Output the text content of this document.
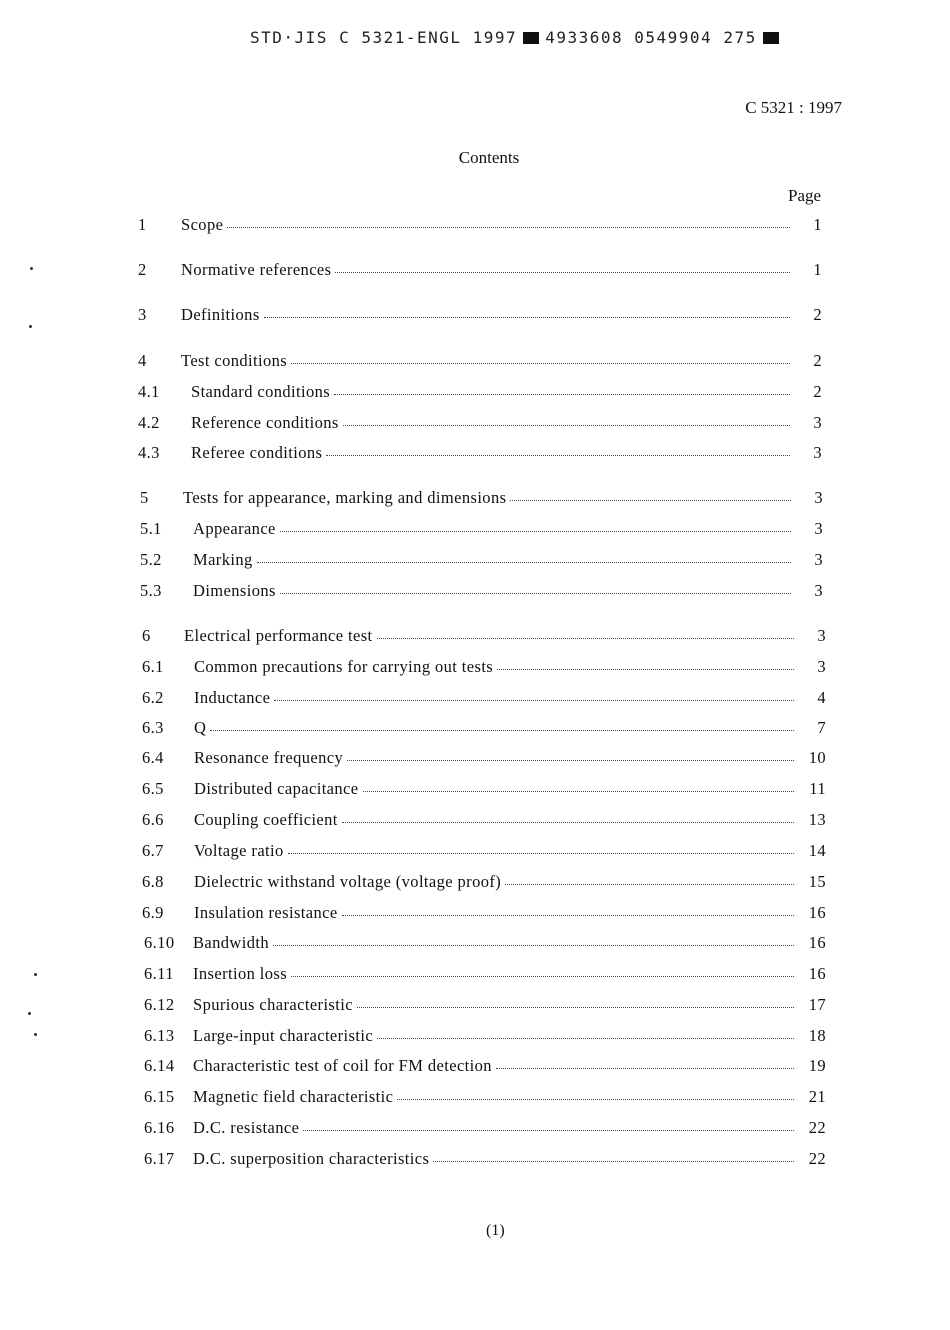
STD·JIS C 5321-ENGL 1997 4933608 0549904 275
C 5321 : 1997
Contents
Page
1	Scope	1
2	Normative references	1
3	Definitions	2
4	Test conditions	2
4.1	Standard conditions	2
4.2	Reference conditions	3
4.3	Referee conditions	3
5	Tests for appearance, marking and dimensions	3
5.1	Appearance	3
5.2	Marking	3
5.3	Dimensions	3
6	Electrical performance test	3
6.1	Common precautions for carrying out tests	3
6.2	Inductance	4
6.3	Q	7
6.4	Resonance frequency	10
6.5	Distributed capacitance	11
6.6	Coupling coefficient	13
6.7	Voltage ratio	14
6.8	Dielectric withstand voltage (voltage proof)	15
6.9	Insulation resistance	16
6.10	Bandwidth	16
6.11	Insertion loss	16
6.12	Spurious characteristic	17
6.13	Large-input characteristic	18
6.14	Characteristic test of coil for FM detection	19
6.15	Magnetic field characteristic	21
6.16	D.C. resistance	22
6.17	D.C. superposition characteristics	22
(1)
